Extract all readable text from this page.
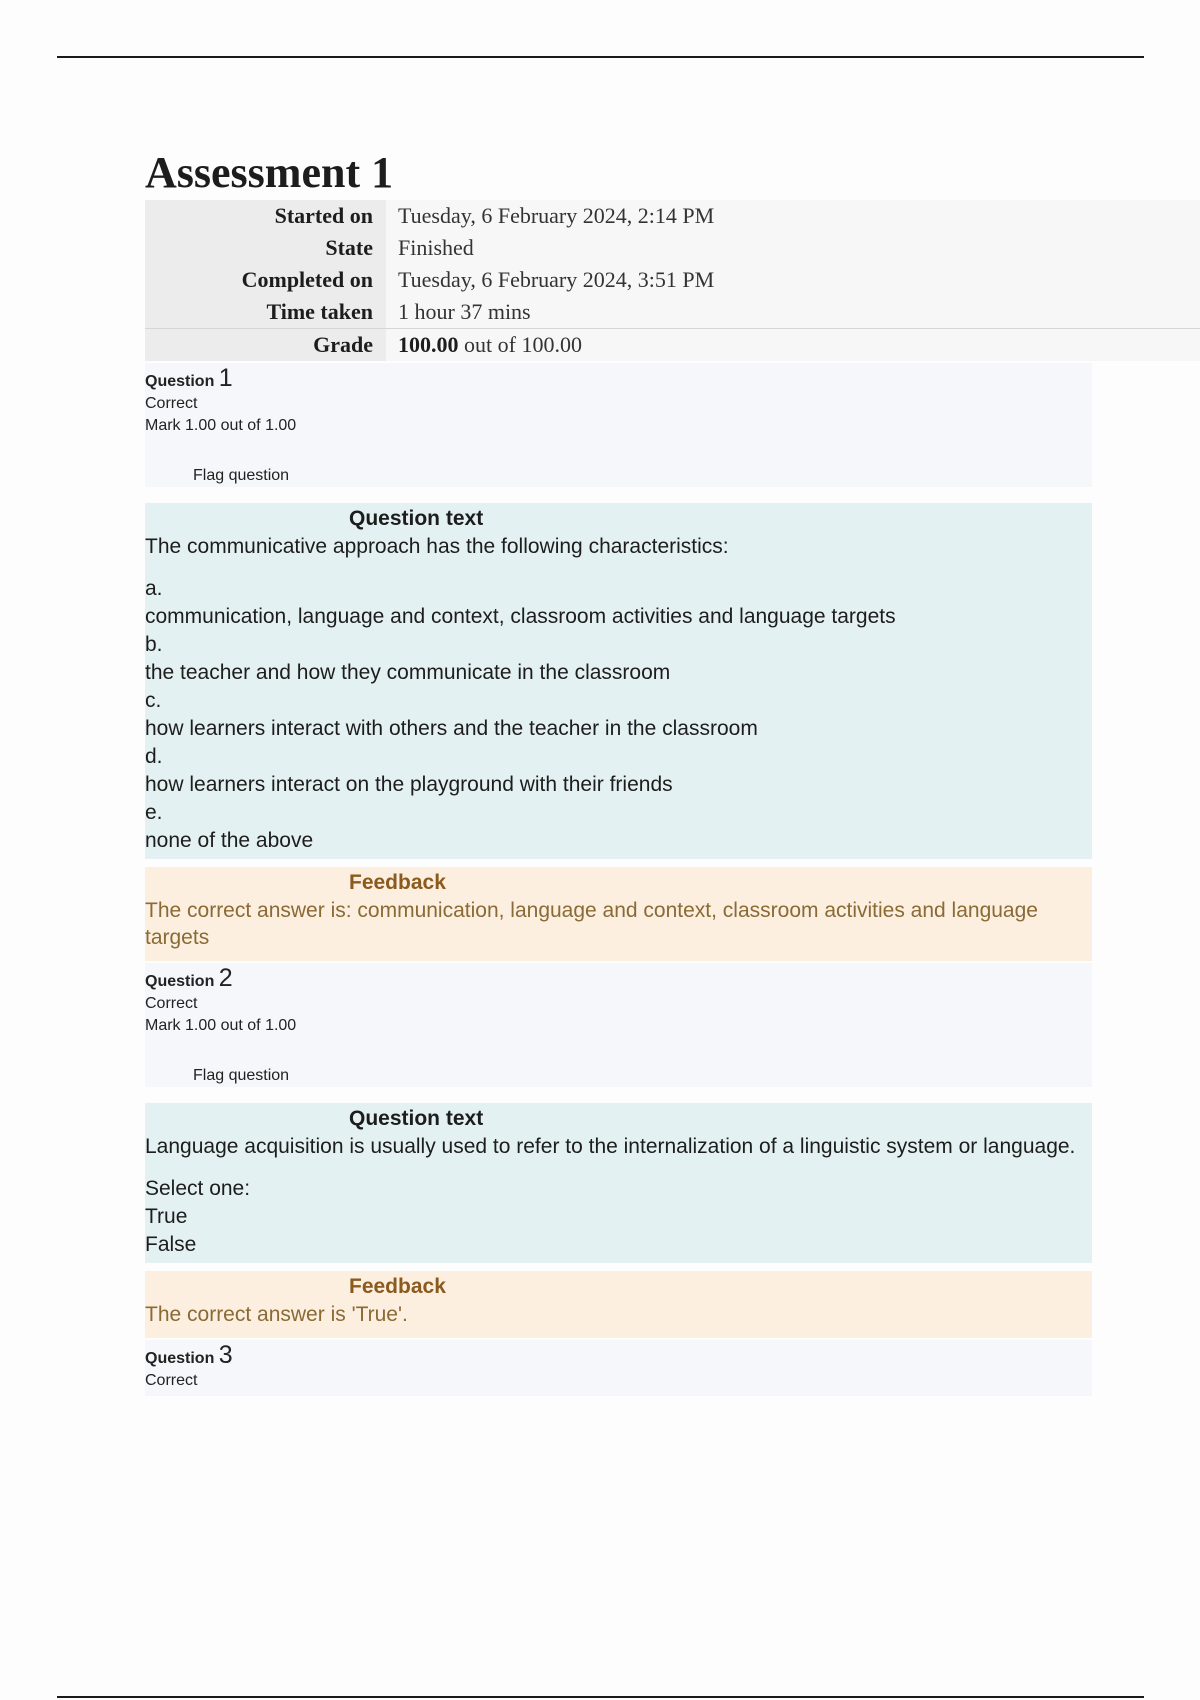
Assessment 1
Started on	Tuesday, 6 February 2024, 2:14 PM
State	Finished
Completed on	Tuesday, 6 February 2024, 3:51 PM
Time taken	1 hour 37 mins
Grade	100.00 out of 100.00
Question 1
Correct
Mark 1.00 out of 1.00
Flag question
Question text
The communicative approach has the following characteristics:
a.
communication, language and context, classroom activities and language targets
b.
the teacher and how they communicate in the classroom
c.
how learners interact with others and the teacher in the classroom
d.
how learners interact on the playground with their friends
e.
none of the above
Feedback
The correct answer is: communication, language and context, classroom activities and language targets
Question 2
Correct
Mark 1.00 out of 1.00
Flag question
Question text
Language acquisition is usually used to refer to the internalization of a linguistic system or language.
Select one:
True
False
Feedback
The correct answer is 'True'.
Question 3
Correct
